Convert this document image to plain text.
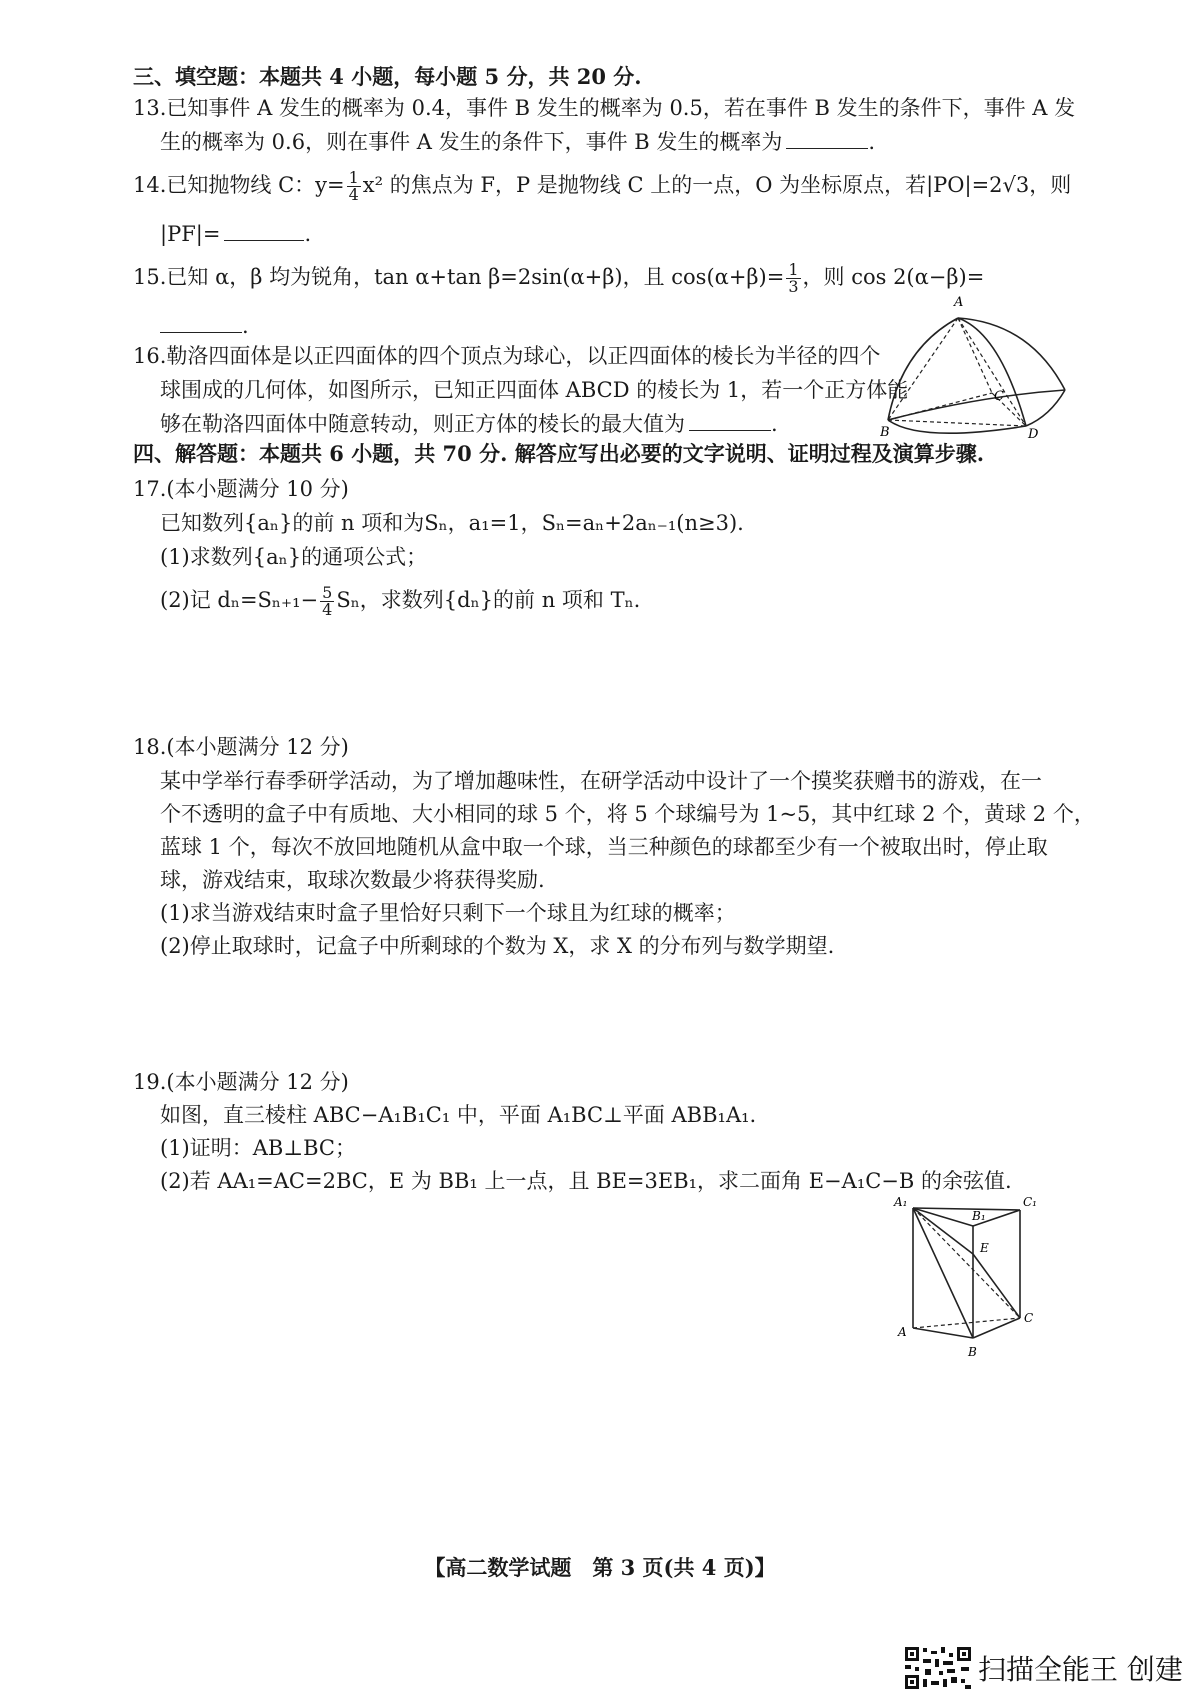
三、填空题：本题共 4 小题，每小题 5 分，共 20 分.
13.已知事件 A 发生的概率为 0.4，事件 B 发生的概率为 0.5，若在事件 B 发生的条件下，事件 A 发
生的概率为 0.6，则在事件 A 发生的条件下，事件 B 发生的概率为	.
14.已知抛物线 C：$y= \frac{1}{4} x^2$ 的焦点为 F，P 是抛物线 C 上的一点，O 为坐标原点，若|PO|=2√3，则
|PF|=	.
15.已知 α，β 均为锐角，tan α+tan β=2sin(α+β)，且 $\cos(\alpha+\beta)= \frac{1}{3}$ ，则 cos 2(α−β)=
.
16.勒洛四面体是以正四面体的四个顶点为球心，以正四面体的棱长为半径的四个
球围成的几何体，如图所示，已知正四面体 ABCD 的棱长为 1，若一个正方体能
够在勒洛四面体中随意转动，则正方体的棱长的最大值为	.
A
B
C
D
四、解答题：本题共 6 小题，共 70 分. 解答应写出必要的文字说明、证明过程及演算步骤.
17.(本小题满分 10 分)
已知数列{aₙ}的前 n 项和为Sₙ，a₁=1，Sₙ=aₙ+2aₙ₋₁(n≥3).
(1)求数列{aₙ}的通项公式；
(2)记 $d_n=S_{n+1}- \frac{5}{4}$ Sₙ，求数列{dₙ}的前 n 项和 Tₙ.
18.(本小题满分 12 分)
某中学举行春季研学活动，为了增加趣味性，在研学活动中设计了一个摸奖获赠书的游戏，在一
个不透明的盒子中有质地、大小相同的球 5 个，将 5 个球编号为 1~5，其中红球 2 个，黄球 2 个，
蓝球 1 个，每次不放回地随机从盒中取一个球，当三种颜色的球都至少有一个被取出时，停止取
球，游戏结束，取球次数最少将获得奖励.
(1)求当游戏结束时盒子里恰好只剩下一个球且为红球的概率；
(2)停止取球时，记盒子中所剩球的个数为 X，求 X 的分布列与数学期望.
19.(本小题满分 12 分)
如图，直三棱柱 ABC−A₁B₁C₁ 中，平面 A₁BC⊥平面 ABB₁A₁.
(1)证明：AB⊥BC；
(2)若 AA₁=AC=2BC，E 为 BB₁ 上一点，且 BE=3EB₁，求二面角 E−A₁C−B 的余弦值.
A₁
B₁
C₁
E
A
B
C
【高二数学试题　第 3 页(共 4 页)】
扫描全能王 创建
